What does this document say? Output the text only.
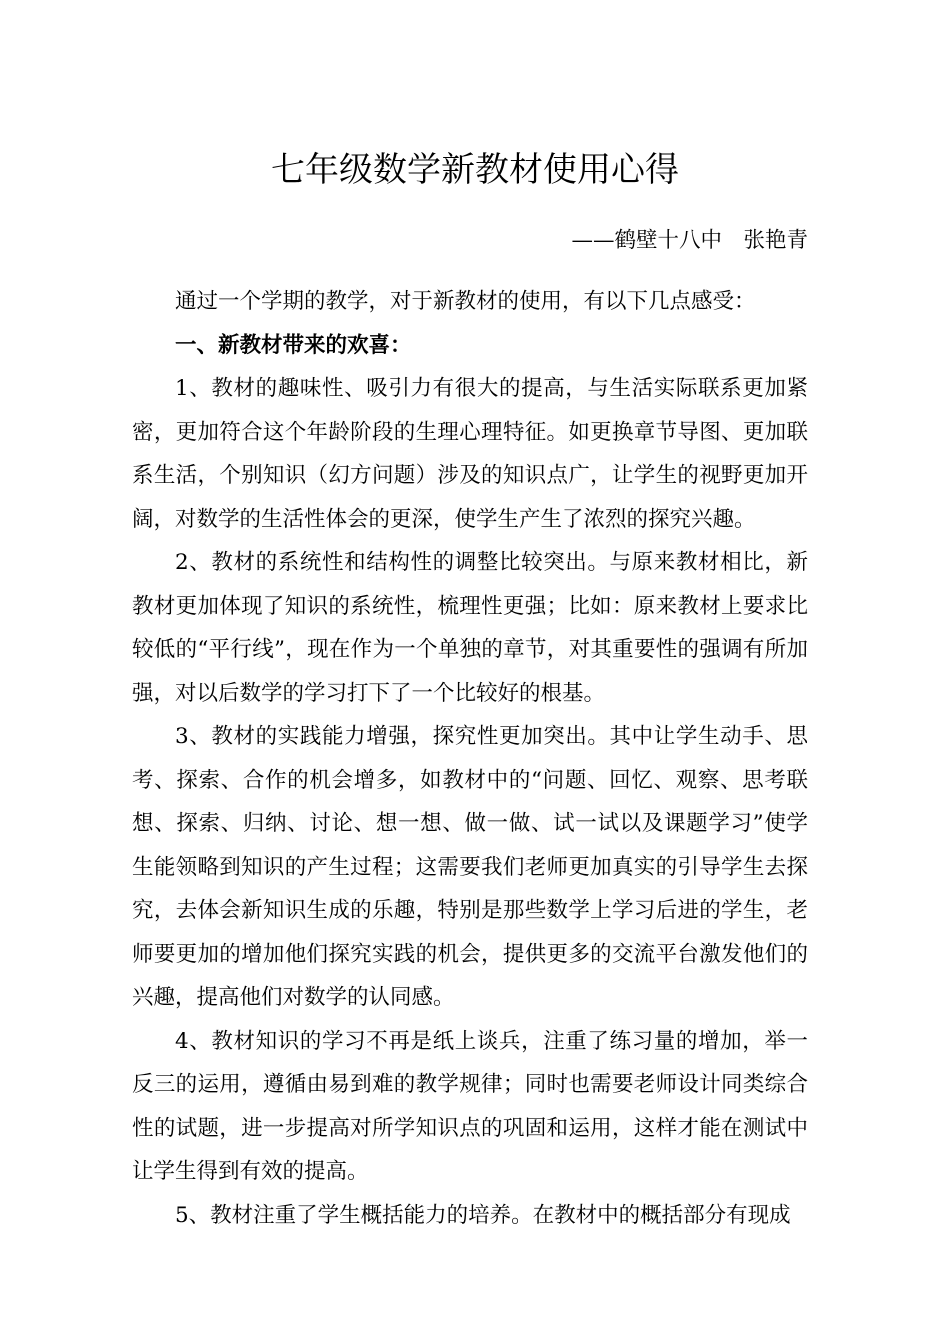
七年级数学新教材使用心得
——鹤壁十八中　张艳青

通过一个学期的教学，对于新教材的使用，有以下几点感受：

一、新教材带来的欢喜：

1、教材的趣味性、吸引力有很大的提高，与生活实际联系更加紧密，更加符合这个年龄阶段的生理心理特征。如更换章节导图、更加联系生活，个别知识（幻方问题）涉及的知识点广，让学生的视野更加开阔，对数学的生活性体会的更深，使学生产生了浓烈的探究兴趣。

2、教材的系统性和结构性的调整比较突出。与原来教材相比，新教材更加体现了知识的系统性，梳理性更强；比如：原来教材上要求比较低的“平行线”，现在作为一个单独的章节，对其重要性的强调有所加强，对以后数学的学习打下了一个比较好的根基。

3、教材的实践能力增强，探究性更加突出。其中让学生动手、思考、探索、合作的机会增多，如教材中的“问题、回忆、观察、思考联想、探索、归纳、讨论、想一想、做一做、试一试以及课题学习”使学生能领略到知识的产生过程；这需要我们老师更加真实的引导学生去探究，去体会新知识生成的乐趣，特别是那些数学上学习后进的学生，老师要更加的增加他们探究实践的机会，提供更多的交流平台激发他们的兴趣，提高他们对数学的认同感。

4、教材知识的学习不再是纸上谈兵，注重了练习量的增加，举一反三的运用，遵循由易到难的教学规律；同时也需要老师设计同类综合性的试题，进一步提高对所学知识点的巩固和运用，这样才能在测试中让学生得到有效的提高。

5、教材注重了学生概括能力的培养。在教材中的概括部分有现成
